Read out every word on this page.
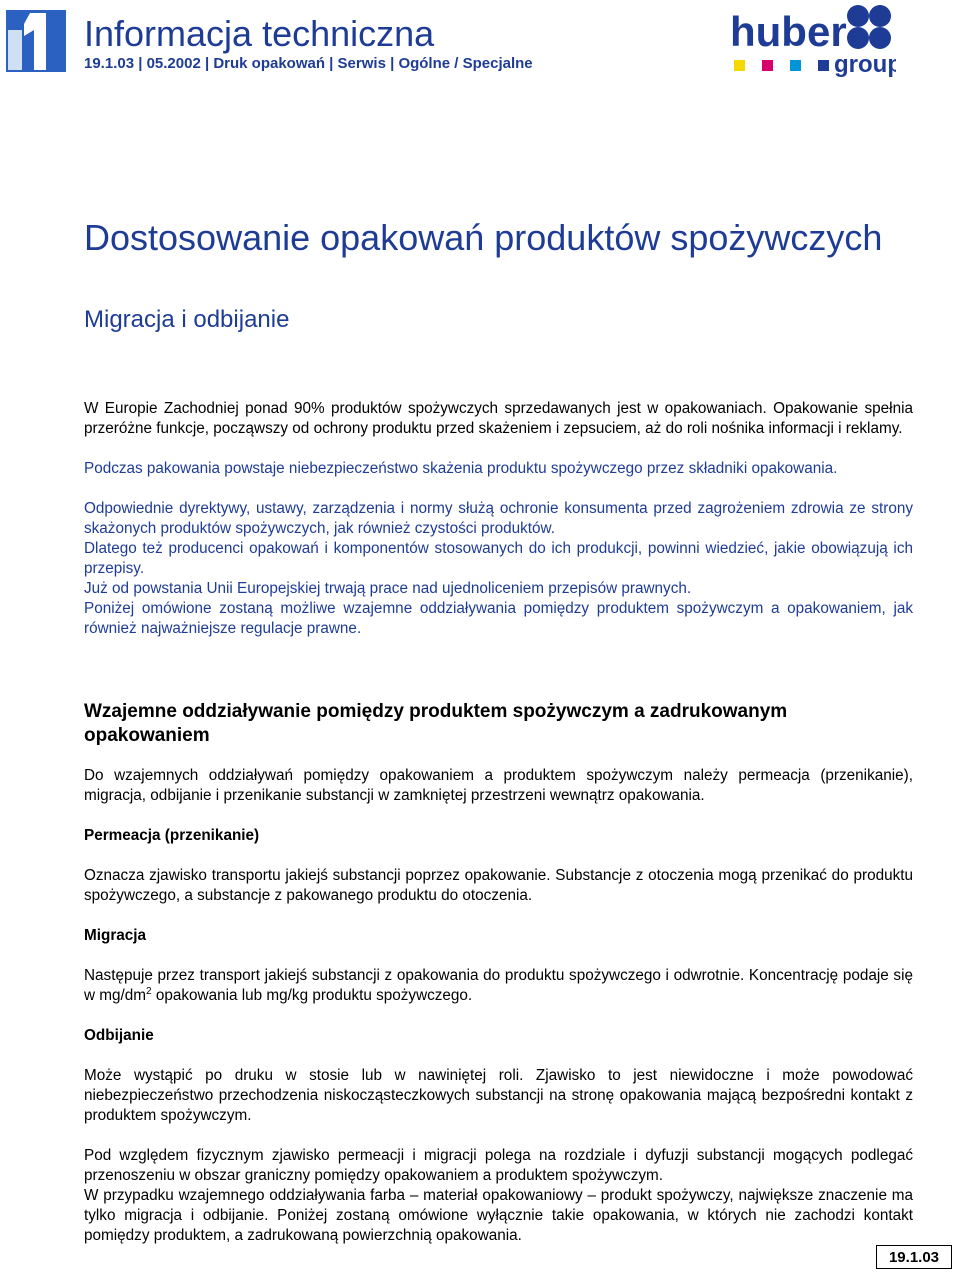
Informacja techniczna
19.1.03 | 05.2002 | Druk opakowań | Serwis | Ogólne / Specjalne
huber
group
Dostosowanie opakowań produktów spożywczych
Migracja i odbijanie

W Europie Zachodniej ponad 90% produktów spożywczych sprzedawanych jest w opakowaniach. Opakowanie spełnia przeróżne funkcje, począwszy od ochrony produktu przed skażeniem i zepsuciem, aż do roli nośnika informacji i reklamy.

Podczas pakowania powstaje niebezpieczeństwo skażenia produktu spożywczego przez składniki opakowania.

Odpowiednie dyrektywy, ustawy, zarządzenia i normy służą ochronie konsumenta przed zagrożeniem zdrowia ze strony skażonych produktów spożywczych, jak również czystości produktów.

Dlatego też producenci opakowań i komponentów stosowanych do ich produkcji, powinni wiedzieć, jakie obowiązują ich przepisy.

Już od powstania Unii Europejskiej trwają prace nad ujednoliceniem przepisów prawnych.

Poniżej omówione zostaną możliwe wzajemne oddziaływania pomiędzy produktem spożywczym a opakowaniem, jak również najważniejsze regulacje prawne.

Wzajemne oddziaływanie pomiędzy produktem spożywczym a zadrukowanym opakowaniem

Do wzajemnych oddziaływań pomiędzy opakowaniem a produktem spożywczym należy permeacja (przenikanie), migracja, odbijanie i przenikanie substancji w zamkniętej przestrzeni wewnątrz opakowania.

Permeacja (przenikanie)

Oznacza zjawisko transportu jakiejś substancji poprzez opakowanie. Substancje z otoczenia mogą przenikać do produktu spożywczego, a substancje z pakowanego produktu do otoczenia.

Migracja

Następuje przez transport jakiejś substancji z opakowania do produktu spożywczego i odwrotnie. Koncentrację podaje się w $mg/dm^2$ opakowania lub mg/kg produktu spożywczego.

Odbijanie

Może wystąpić po druku w stosie lub w nawiniętej roli. Zjawisko to jest niewidoczne i może powodować niebezpieczeństwo przechodzenia niskocząsteczkowych substancji na stronę opakowania mającą bezpośredni kontakt z produktem spożywczym.

Pod względem fizycznym zjawisko permeacji i migracji polega na rozdziale i dyfuzji substancji mogących podlegać przenoszeniu w obszar graniczny pomiędzy opakowaniem a produktem spożywczym.

W przypadku wzajemnego oddziaływania farba – materiał opakowaniowy – produkt spożywczy, największe znaczenie ma tylko migracja i odbijanie. Poniżej zostaną omówione wyłącznie takie opakowania, w których nie zachodzi kontakt pomiędzy produktem, a zadrukowaną powierzchnią opakowania.

19.1.03
